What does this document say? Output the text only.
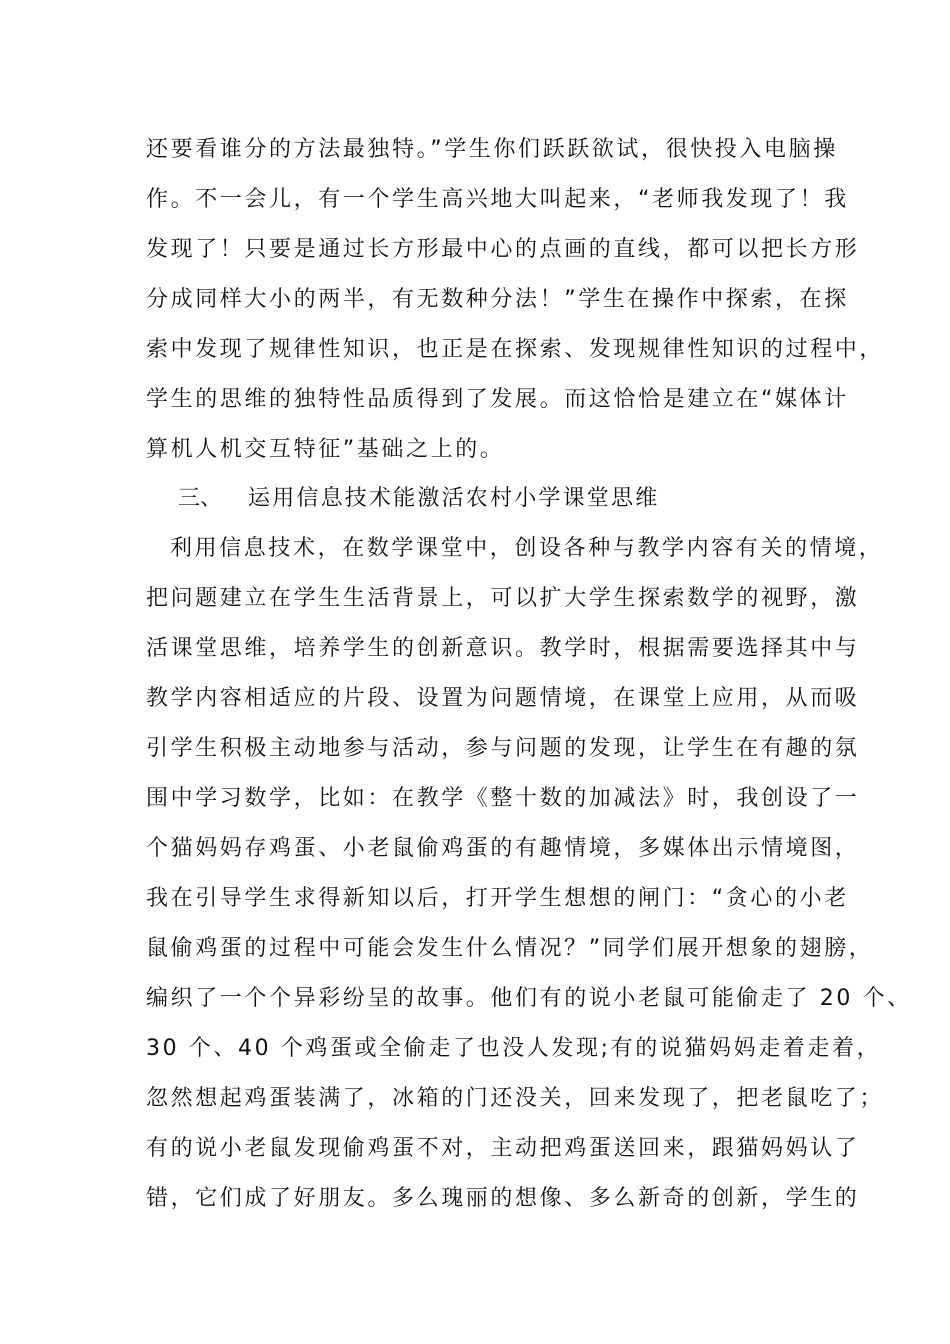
还要看谁分的方法最独特。”学生你们跃跃欲试，很快投入电脑操
作。不一会儿，有一个学生高兴地大叫起来，“老师我发现了！我
发现了！只要是通过长方形最中心的点画的直线，都可以把长方形
分成同样大小的两半，有无数种分法！”学生在操作中探索，在探
索中发现了规律性知识，也正是在探索、发现规律性知识的过程中，
学生的思维的独特性品质得到了发展。而这恰恰是建立在“媒体计
算机人机交互特征”基础之上的。
三、 运用信息技术能激活农村小学课堂思维
利用信息技术，在数学课堂中，创设各种与教学内容有关的情境，
把问题建立在学生生活背景上，可以扩大学生探索数学的视野，激
活课堂思维，培养学生的创新意识。教学时，根据需要选择其中与
教学内容相适应的片段、设置为问题情境，在课堂上应用，从而吸
引学生积极主动地参与活动，参与问题的发现，让学生在有趣的氛
围中学习数学，比如：在教学《整十数的加减法》时，我创设了一
个猫妈妈存鸡蛋、小老鼠偷鸡蛋的有趣情境，多媒体出示情境图，
我在引导学生求得新知以后，打开学生想想的闸门：“贪心的小老
鼠偷鸡蛋的过程中可能会发生什么情况？”同学们展开想象的翅膀，
编织了一个个异彩纷呈的故事。他们有的说小老鼠可能偷走了 20 个、
30 个、40 个鸡蛋或全偷走了也没人发现;有的说猫妈妈走着走着，
忽然想起鸡蛋装满了，冰箱的门还没关，回来发现了，把老鼠吃了；
有的说小老鼠发现偷鸡蛋不对，主动把鸡蛋送回来，跟猫妈妈认了
错，它们成了好朋友。多么瑰丽的想像、多么新奇的创新，学生的
